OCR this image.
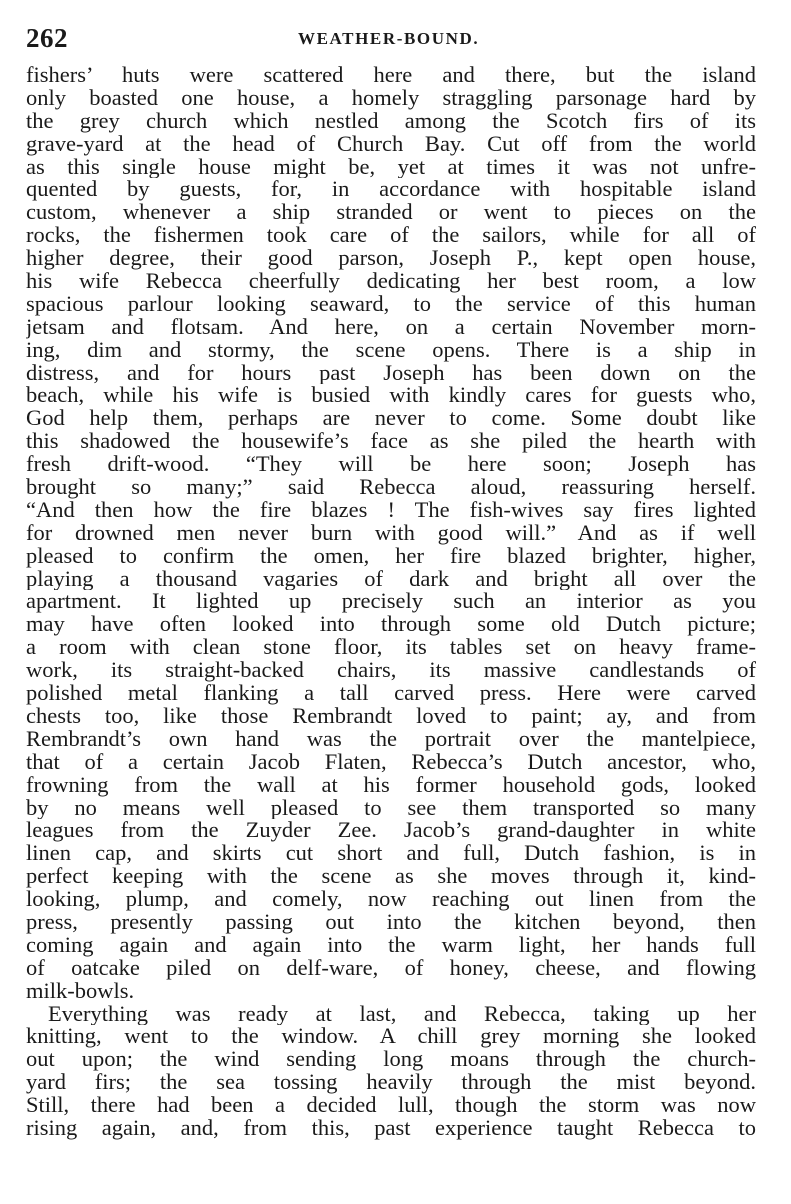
262	WEATHER-BOUND.
fishers’ huts were scattered here and there, but the island
only boasted one house, a homely straggling parsonage hard by
the grey church which nestled among the Scotch firs of its
grave-yard at the head of Church Bay. Cut off from the world
as this single house might be, yet at times it was not unfre-
quented by guests, for, in accordance with hospitable island
custom, whenever a ship stranded or went to pieces on the
rocks, the fishermen took care of the sailors, while for all of
higher degree, their good parson, Joseph P., kept open house,
his wife Rebecca cheerfully dedicating her best room, a low
spacious parlour looking seaward, to the service of this human
jetsam and flotsam. And here, on a certain November morn-
ing, dim and stormy, the scene opens. There is a ship in
distress, and for hours past Joseph has been down on the
beach, while his wife is busied with kindly cares for guests who,
God help them, perhaps are never to come. Some doubt like
this shadowed the housewife’s face as she piled the hearth with
fresh drift-wood. “They will be here soon; Joseph has
brought so many;” said Rebecca aloud, reassuring herself.
“And then how the fire blazes ! The fish-wives say fires lighted
for drowned men never burn with good will.” And as if well
pleased to confirm the omen, her fire blazed brighter, higher,
playing a thousand vagaries of dark and bright all over the
apartment. It lighted up precisely such an interior as you
may have often looked into through some old Dutch picture;
a room with clean stone floor, its tables set on heavy frame-
work, its straight-backed chairs, its massive candlestands of
polished metal flanking a tall carved press. Here were carved
chests too, like those Rembrandt loved to paint; ay, and from
Rembrandt’s own hand was the portrait over the mantelpiece,
that of a certain Jacob Flaten, Rebecca’s Dutch ancestor, who,
frowning from the wall at his former household gods, looked
by no means well pleased to see them transported so many
leagues from the Zuyder Zee. Jacob’s grand-daughter in white
linen cap, and skirts cut short and full, Dutch fashion, is in
perfect keeping with the scene as she moves through it, kind-
looking, plump, and comely, now reaching out linen from the
press, presently passing out into the kitchen beyond, then
coming again and again into the warm light, her hands full
of oatcake piled on delf-ware, of honey, cheese, and flowing
milk-bowls.
Everything was ready at last, and Rebecca, taking up her
knitting, went to the window. A chill grey morning she looked
out upon; the wind sending long moans through the church-
yard firs; the sea tossing heavily through the mist beyond.
Still, there had been a decided lull, though the storm was now
rising again, and, from this, past experience taught Rebecca to
